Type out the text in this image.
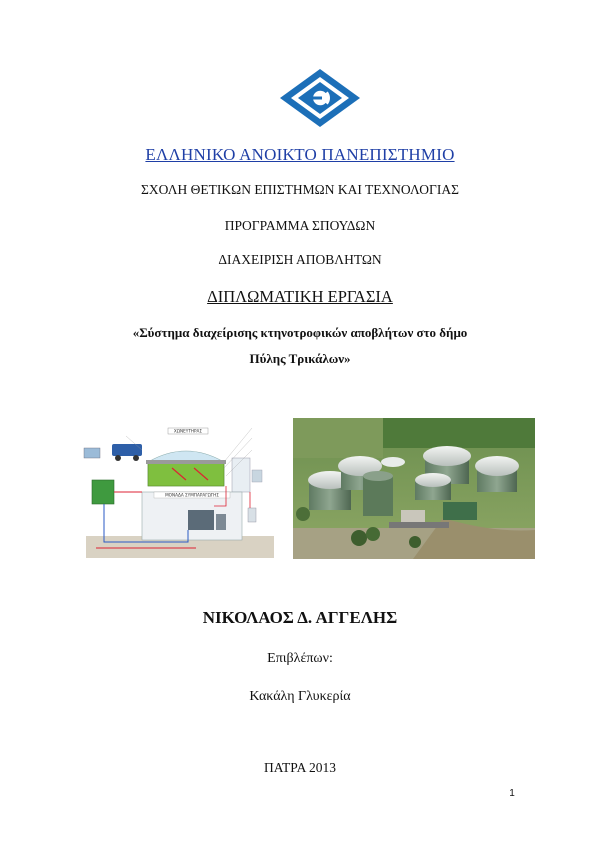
ΕΛΛΗΝΙΚΟ ΑΝΟΙΚΤΟ ΠΑΝΕΠΙΣΤΗΜΙΟ
ΣΧΟΛΗ ΘΕΤΙΚΩΝ ΕΠΙΣΤΗΜΩΝ ΚΑΙ ΤΕΧΝΟΛΟΓΙΑΣ
ΠΡΟΓΡΑΜΜΑ ΣΠΟΥΔΩΝ
ΔΙΑΧΕΙΡΙΣΗ ΑΠΟΒΛΗΤΩΝ
ΔΙΠΛΩΜΑΤΙΚΗ ΕΡΓΑΣΙΑ
«Σύστημα διαχείρισης κτηνοτροφικών αποβλήτων στο δήμο
Πύλης Τρικάλων»
ΧΩΝΕΥΤΗΡΑΣ
ΜΟΝΑΔΑ ΣΥΜΠΑΡΑΓΩΓΗΣ
ΝΙΚΟΛΑΟΣ Δ. ΑΓΓΕΛΗΣ
Επιβλέπων:
Κακάλη Γλυκερία
ΠΑΤΡΑ 2013
1
